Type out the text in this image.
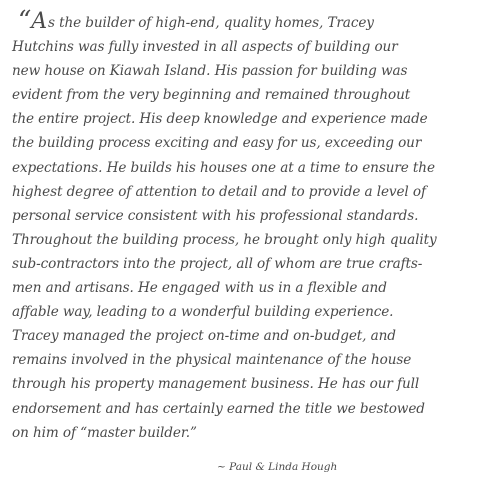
“As the builder of high-end, quality homes, Tracey
Hutchins was fully invested in all aspects of building our
new house on Kiawah Island. His passion for building was
evident from the very beginning and remained throughout
the entire project. His deep knowledge and experience made
the building process exciting and easy for us, exceeding our
expectations. He builds his houses one at a time to ensure the
highest degree of attention to detail and to provide a level of
personal service consistent with his professional standards.
Throughout the building process, he brought only high quality
sub-contractors into the project, all of whom are true crafts-
men and artisans. He engaged with us in a flexible and
affable way, leading to a wonderful building experience.
Tracey managed the project on-time and on-budget, and
remains involved in the physical maintenance of the house
through his property management business. He has our full
endorsement and has certainly earned the title we bestowed
on him of “master builder.”
~ Paul & Linda Hough
